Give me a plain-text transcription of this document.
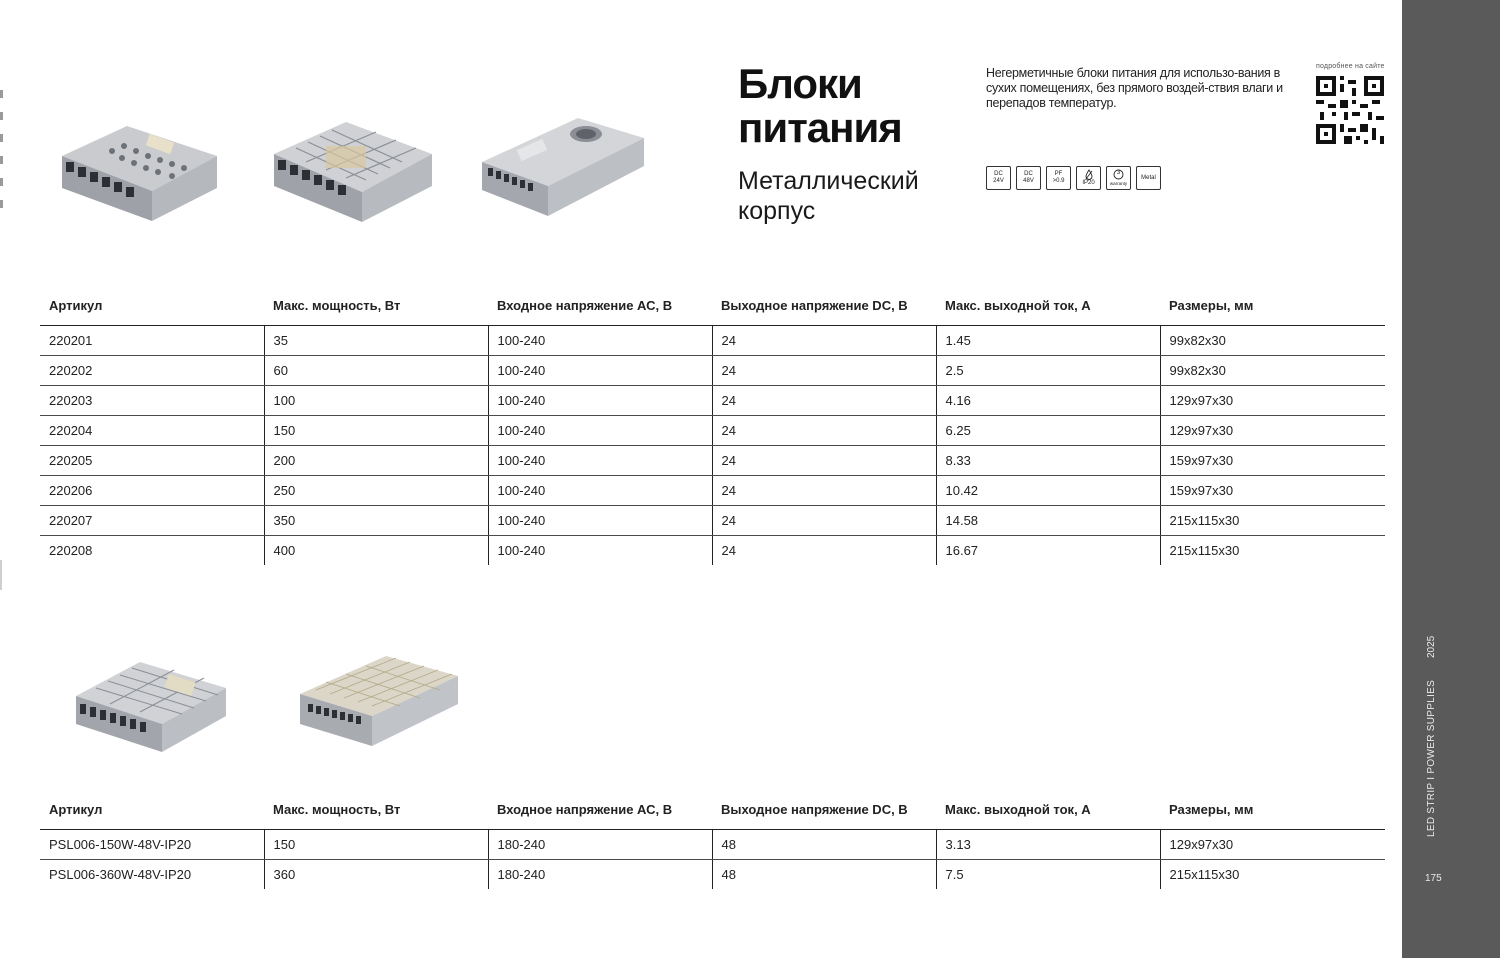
Блоки
питания
Металлический
корпус
Негерметичные блоки питания для использо-вания в сухих помещениях, без прямого воздей-ствия влаги и перепадов температур.
DC
24V
DC
48V
PF
>0.9	IP20
3
warranty
Metal
подробнее на сайте
Артикул	Макс. мощность, Вт	Входное напряжение АС, В	Выходное напряжение DC, В	Макс. выходной ток, А	Размеры, мм
220201	35	100-240	24	1.45	99х82х30
220202	60	100-240	24	2.5	99х82х30
220203	100	100-240	24	4.16	129х97х30
220204	150	100-240	24	6.25	129х97х30
220205	200	100-240	24	8.33	159х97х30
220206	250	100-240	24	10.42	159х97х30
220207	350	100-240	24	14.58	215х115х30
220208	400	100-240	24	16.67	215х115х30
Артикул	Макс. мощность, Вт	Входное напряжение АС, В	Выходное напряжение DC, В	Макс. выходной ток, А	Размеры, мм
PSL006-150W-48V-IP20	150	180-240	48	3.13	129х97х30
PSL006-360W-48V-IP20	360	180-240	48	7.5	215х115х30
2025
LED STRIP I POWER SUPPLIES
175
